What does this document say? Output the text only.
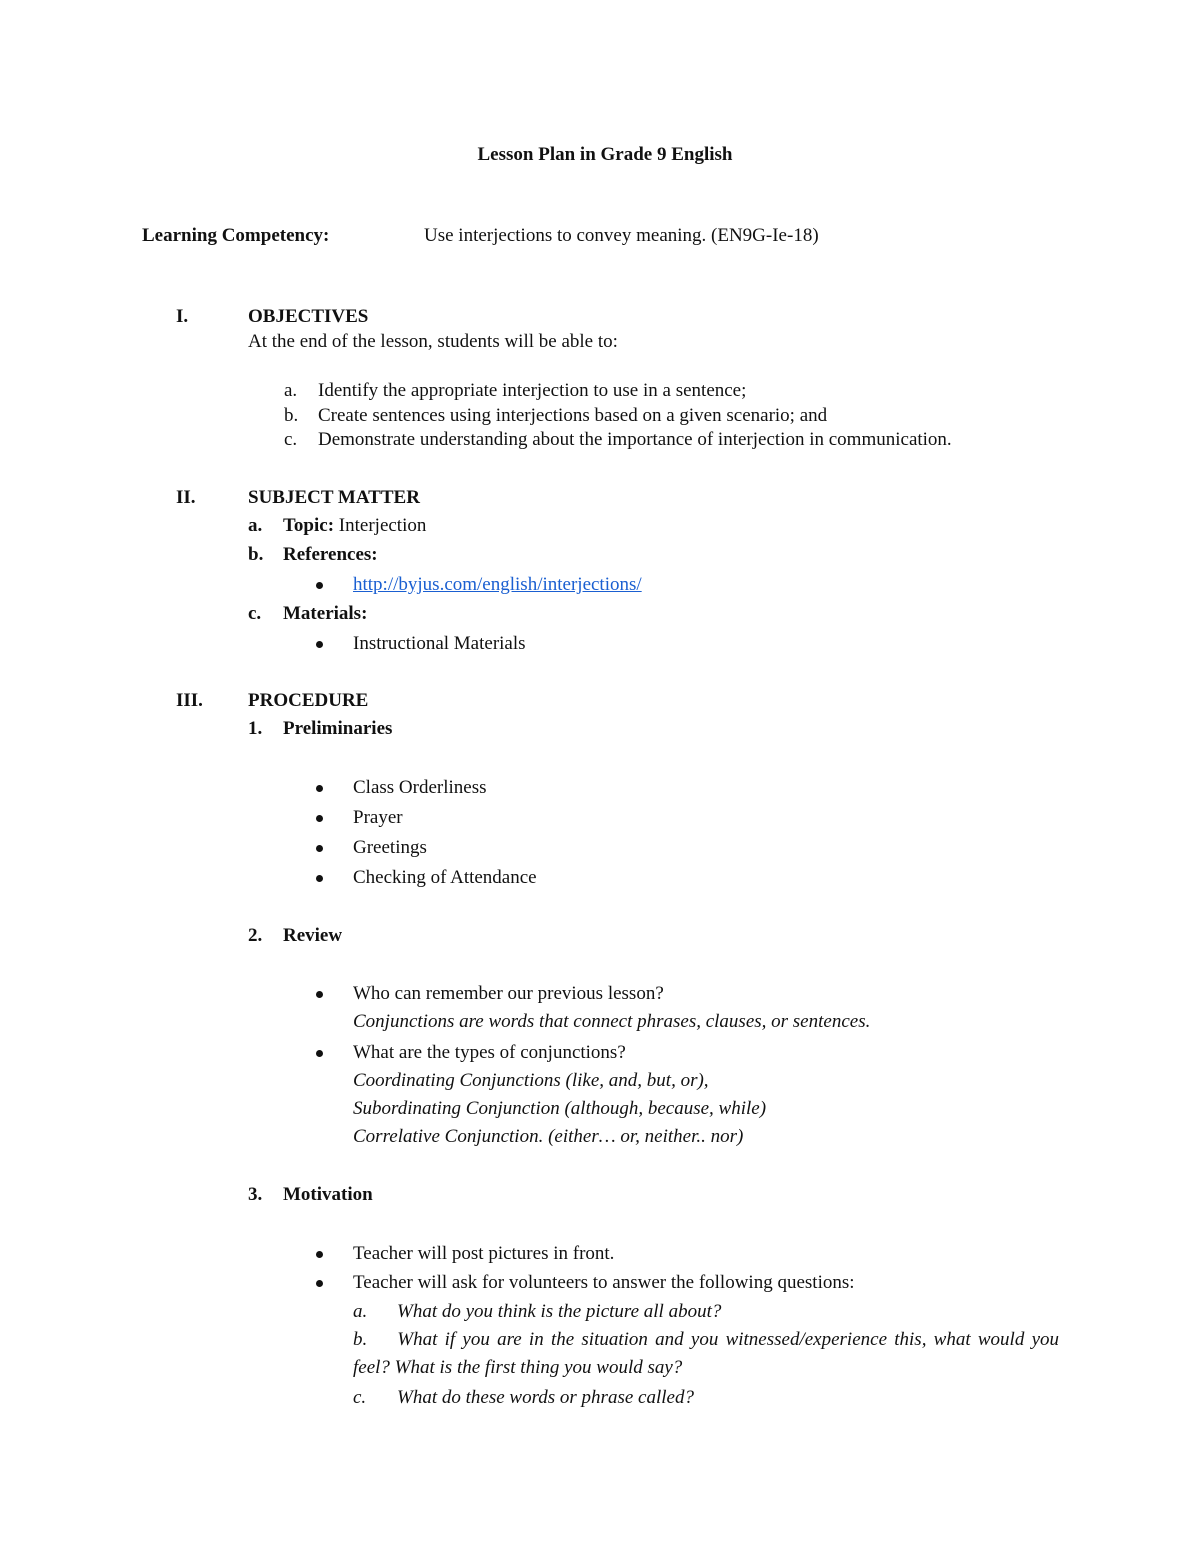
Lesson Plan in Grade 9 English
Learning Competency:	Use interjections to convey meaning. (EN9G-Ie-18)
I.	OBJECTIVES
At the end of the lesson, students will be able to:
a. Identify the appropriate interjection to use in a sentence;
b. Create sentences using interjections based on a given scenario; and
c. Demonstrate understanding about the importance of interjection in communication.
II.	SUBJECT MATTER
a. Topic: Interjection
b. References:
http://byjus.com/english/interjections/
c. Materials:
Instructional Materials
III. PROCEDURE
1. Preliminaries
Class Orderliness
Prayer
Greetings
Checking of Attendance
2. Review
Who can remember our previous lesson?
Conjunctions are words that connect phrases, clauses, or sentences.
What are the types of conjunctions?
Coordinating Conjunctions (like, and, but, or),
Subordinating Conjunction (although, because, while)
Correlative Conjunction. (either… or, neither.. nor)
3. Motivation
Teacher will post pictures in front.
Teacher will ask for volunteers to answer the following questions:
a. What do you think is the picture all about?
b. What if you are in the situation and you witnessed/experience this, what would you feel? What is the first thing you would say?
c. What do these words or phrase called?
